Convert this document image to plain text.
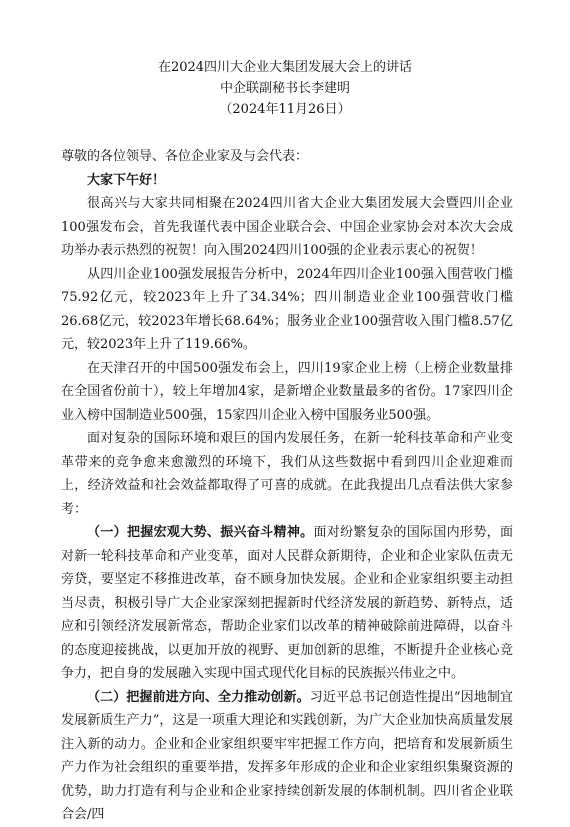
在2024四川大企业大集团发展大会上的讲话
中企联副秘书长李建明
（2024年11月26日）

尊敬的各位领导、各位企业家及与会代表：

大家下午好！

很高兴与大家共同相聚在2024四川省大企业大集团发展大会暨四川企业100强发布会，首先我谨代表中国企业联合会、中国企业家协会对本次大会成功举办表示热烈的祝贺！向入围2024四川100强的企业表示衷心的祝贺！

从四川企业100强发展报告分析中，2024年四川企业100强入围营收门槛75.92亿元，较2023年上升了34.34%；四川制造业企业100强营收门槛26.68亿元，较2023年增长68.64%；服务业企业100强营收入围门槛8.57亿元，较2023年上升了119.66%。

在天津召开的中国500强发布会上，四川19家企业上榜（上榜企业数量排在全国省份前十），较上年增加4家，是新增企业数量最多的省份。17家四川企业入榜中国制造业500强，15家四川企业入榜中国服务业500强。

面对复杂的国际环境和艰巨的国内发展任务，在新一轮科技革命和产业变革带来的竞争愈来愈激烈的环境下，我们从这些数据中看到四川企业迎难而上，经济效益和社会效益都取得了可喜的成就。在此我提出几点看法供大家参考：

（一）把握宏观大势、振兴奋斗精神。面对纷繁复杂的国际国内形势，面对新一轮科技革命和产业变革，面对人民群众新期待，企业和企业家队伍责无旁贷，要坚定不移推进改革，奋不顾身加快发展。企业和企业家组织要主动担当尽责，积极引导广大企业家深刻把握新时代经济发展的新趋势、新特点，适应和引领经济发展新常态，帮助企业家们以改革的精神破除前进障碍，以奋斗的态度迎接挑战，以更加开放的视野、更加创新的思维，不断提升企业核心竞争力，把自身的发展融入实现中国式现代化目标的民族振兴伟业之中。

（二）把握前进方向、全力推动创新。习近平总书记创造性提出“因地制宜发展新质生产力”，这是一项重大理论和实践创新，为广大企业加快高质量发展注入新的动力。企业和企业家组织要牢牢把握工作方向，把培育和发展新质生产力作为社会组织的重要举措，发挥多年形成的企业和企业家组织集聚资源的优势，助力打造有利与企业和企业家持续创新发展的体制机制。四川省企业联合会/四
